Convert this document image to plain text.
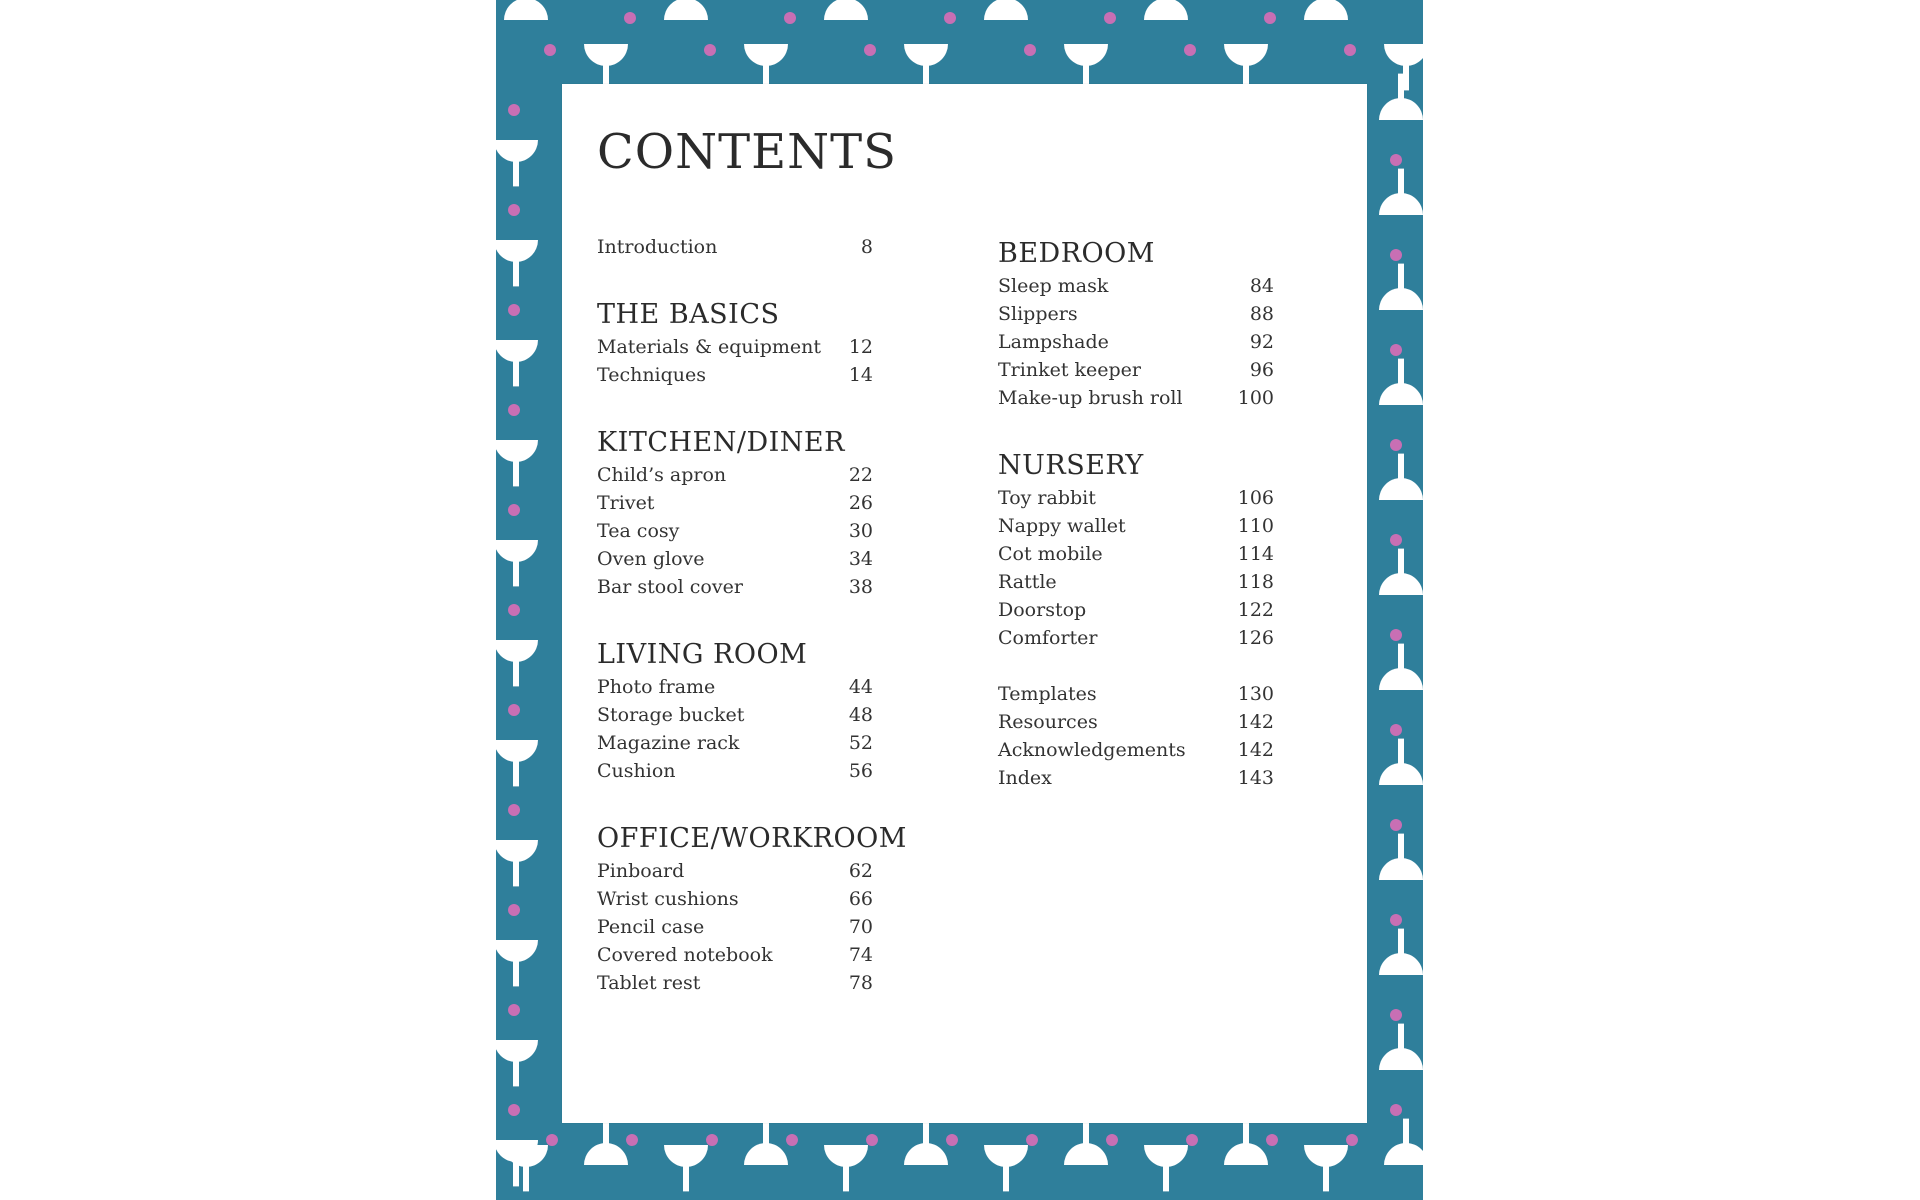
CONTENTS
Introduction	8
THE BASICS
Materials & equipment 12
Techniques	14
KITCHEN/DINER
Child’s apron	22
Trivet	26
Tea cosy	30
Oven glove	34
Bar stool cover	38
LIVING ROOM
Photo frame	44
Storage bucket	48
Magazine rack	52
Cushion	56
OFFICE/WORKROOM
Pinboard	62
Wrist cushions	66
Pencil case	70
Covered notebook	74
Tablet rest	78
BEDROOM
Sleep mask	84
Slippers	88
Lampshade	92
Trinket keeper	96
Make-up brush roll	100
NURSERY
Toy rabbit	106
Nappy wallet	110
Cot mobile	114
Rattle	118
Doorstop	122
Comforter	126
Templates	130
Resources	142
Acknowledgements	142
Index	143
